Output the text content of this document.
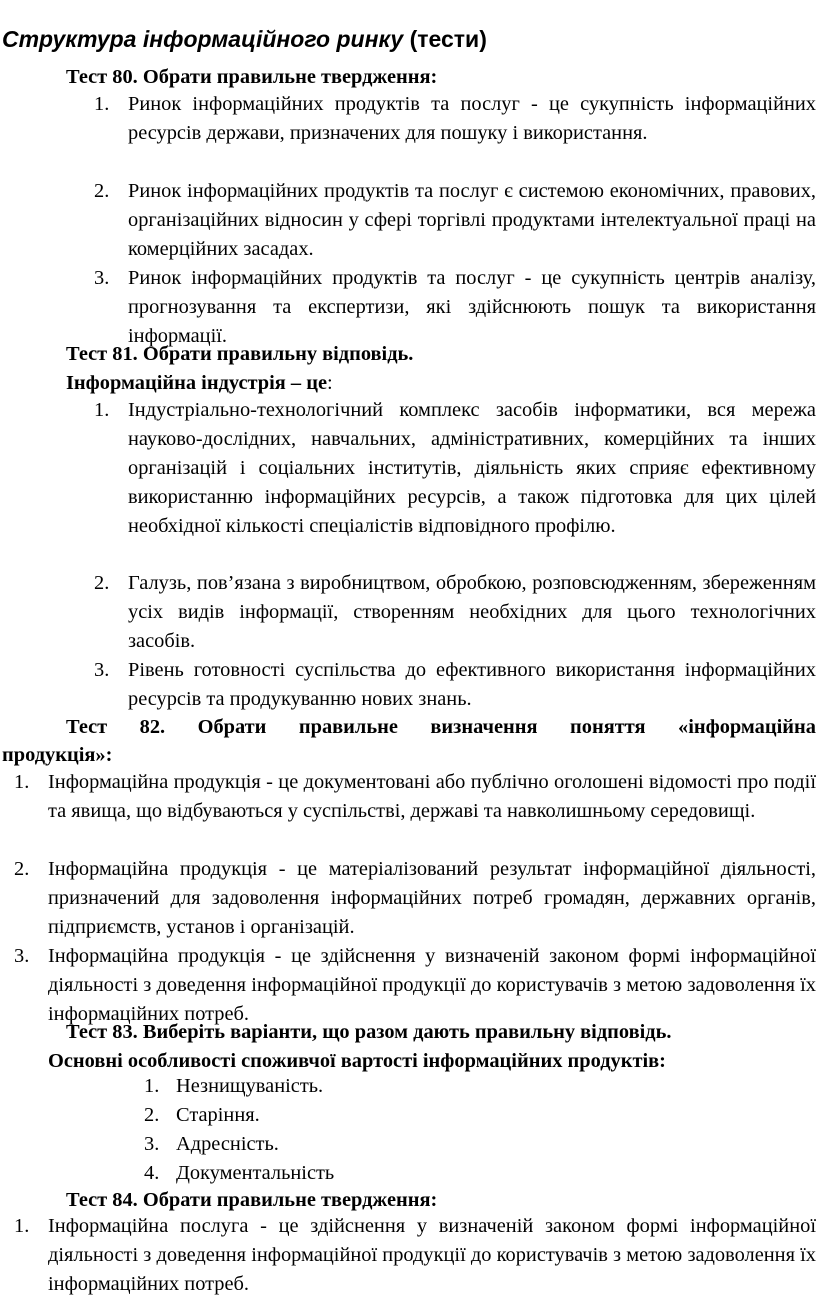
Структура інформаційного ринку (тести)

Тест 80. Обрати правильне твердження:

1. Ринок інформаційних продуктів та послуг - це сукупність інформаційних ресурсів держави, призначених для пошуку і використання.
2. Ринок інформаційних продуктів та послуг є системою економічних, правових, організаційних відносин у сфері торгівлі продуктами інтелектуальної праці на комерційних засадах.
3. Ринок інформаційних продуктів та послуг - це сукупність центрів аналізу, прогнозування та експертизи, які здійснюють пошук та використання інформації.

Тест 81. Обрати правильну відповідь.

Інформаційна індустрія – це:

1. Індустріально-технологічний комплекс засобів інформатики, вся мережа науково-дослідних, навчальних, адміністративних, комерційних та інших організацій і соціальних інститутів, діяльність яких сприяє ефективному використанню інформаційних ресурсів, а також підготовка для цих цілей необхідної кількості спеціалістів відповідного профілю.
2. Галузь, пов’язана з виробництвом, обробкою, розповсюдженням, збереженням усіх видів інформації, створенням необхідних для цього технологічних засобів.
3. Рівень готовності суспільства до ефективного використання інформаційних ресурсів та продукуванню нових знань.

Тест 82. Обрати правильне визначення поняття «інформаційна

продукція»:

1. Інформаційна продукція - це документовані або публічно оголошені відомості про події та явища, що відбуваються у суспільстві, державі та навколишньому середовищі.
2. Інформаційна продукція - це матеріалізований результат інформаційної діяльності, призначений для задоволення інформаційних потреб громадян, державних органів, підприємств, установ і організацій.
3. Інформаційна продукція - це здійснення у визначеній законом формі інформаційної діяльності з доведення інформаційної продукції до користувачів з метою задоволення їх інформаційних потреб.

Тест 83. Виберіть варіанти, що разом дають правильну відповідь.

Основні особливості споживчої вартості інформаційних продуктів:

1. Незнищуваність.
2. Старіння.
3. Адресність.
4. Документальність

Тест 84. Обрати правильне твердження:

1. Інформаційна послуга - це здійснення у визначеній законом формі інформаційної діяльності з доведення інформаційної продукції до користувачів з метою задоволення їх інформаційних потреб.
